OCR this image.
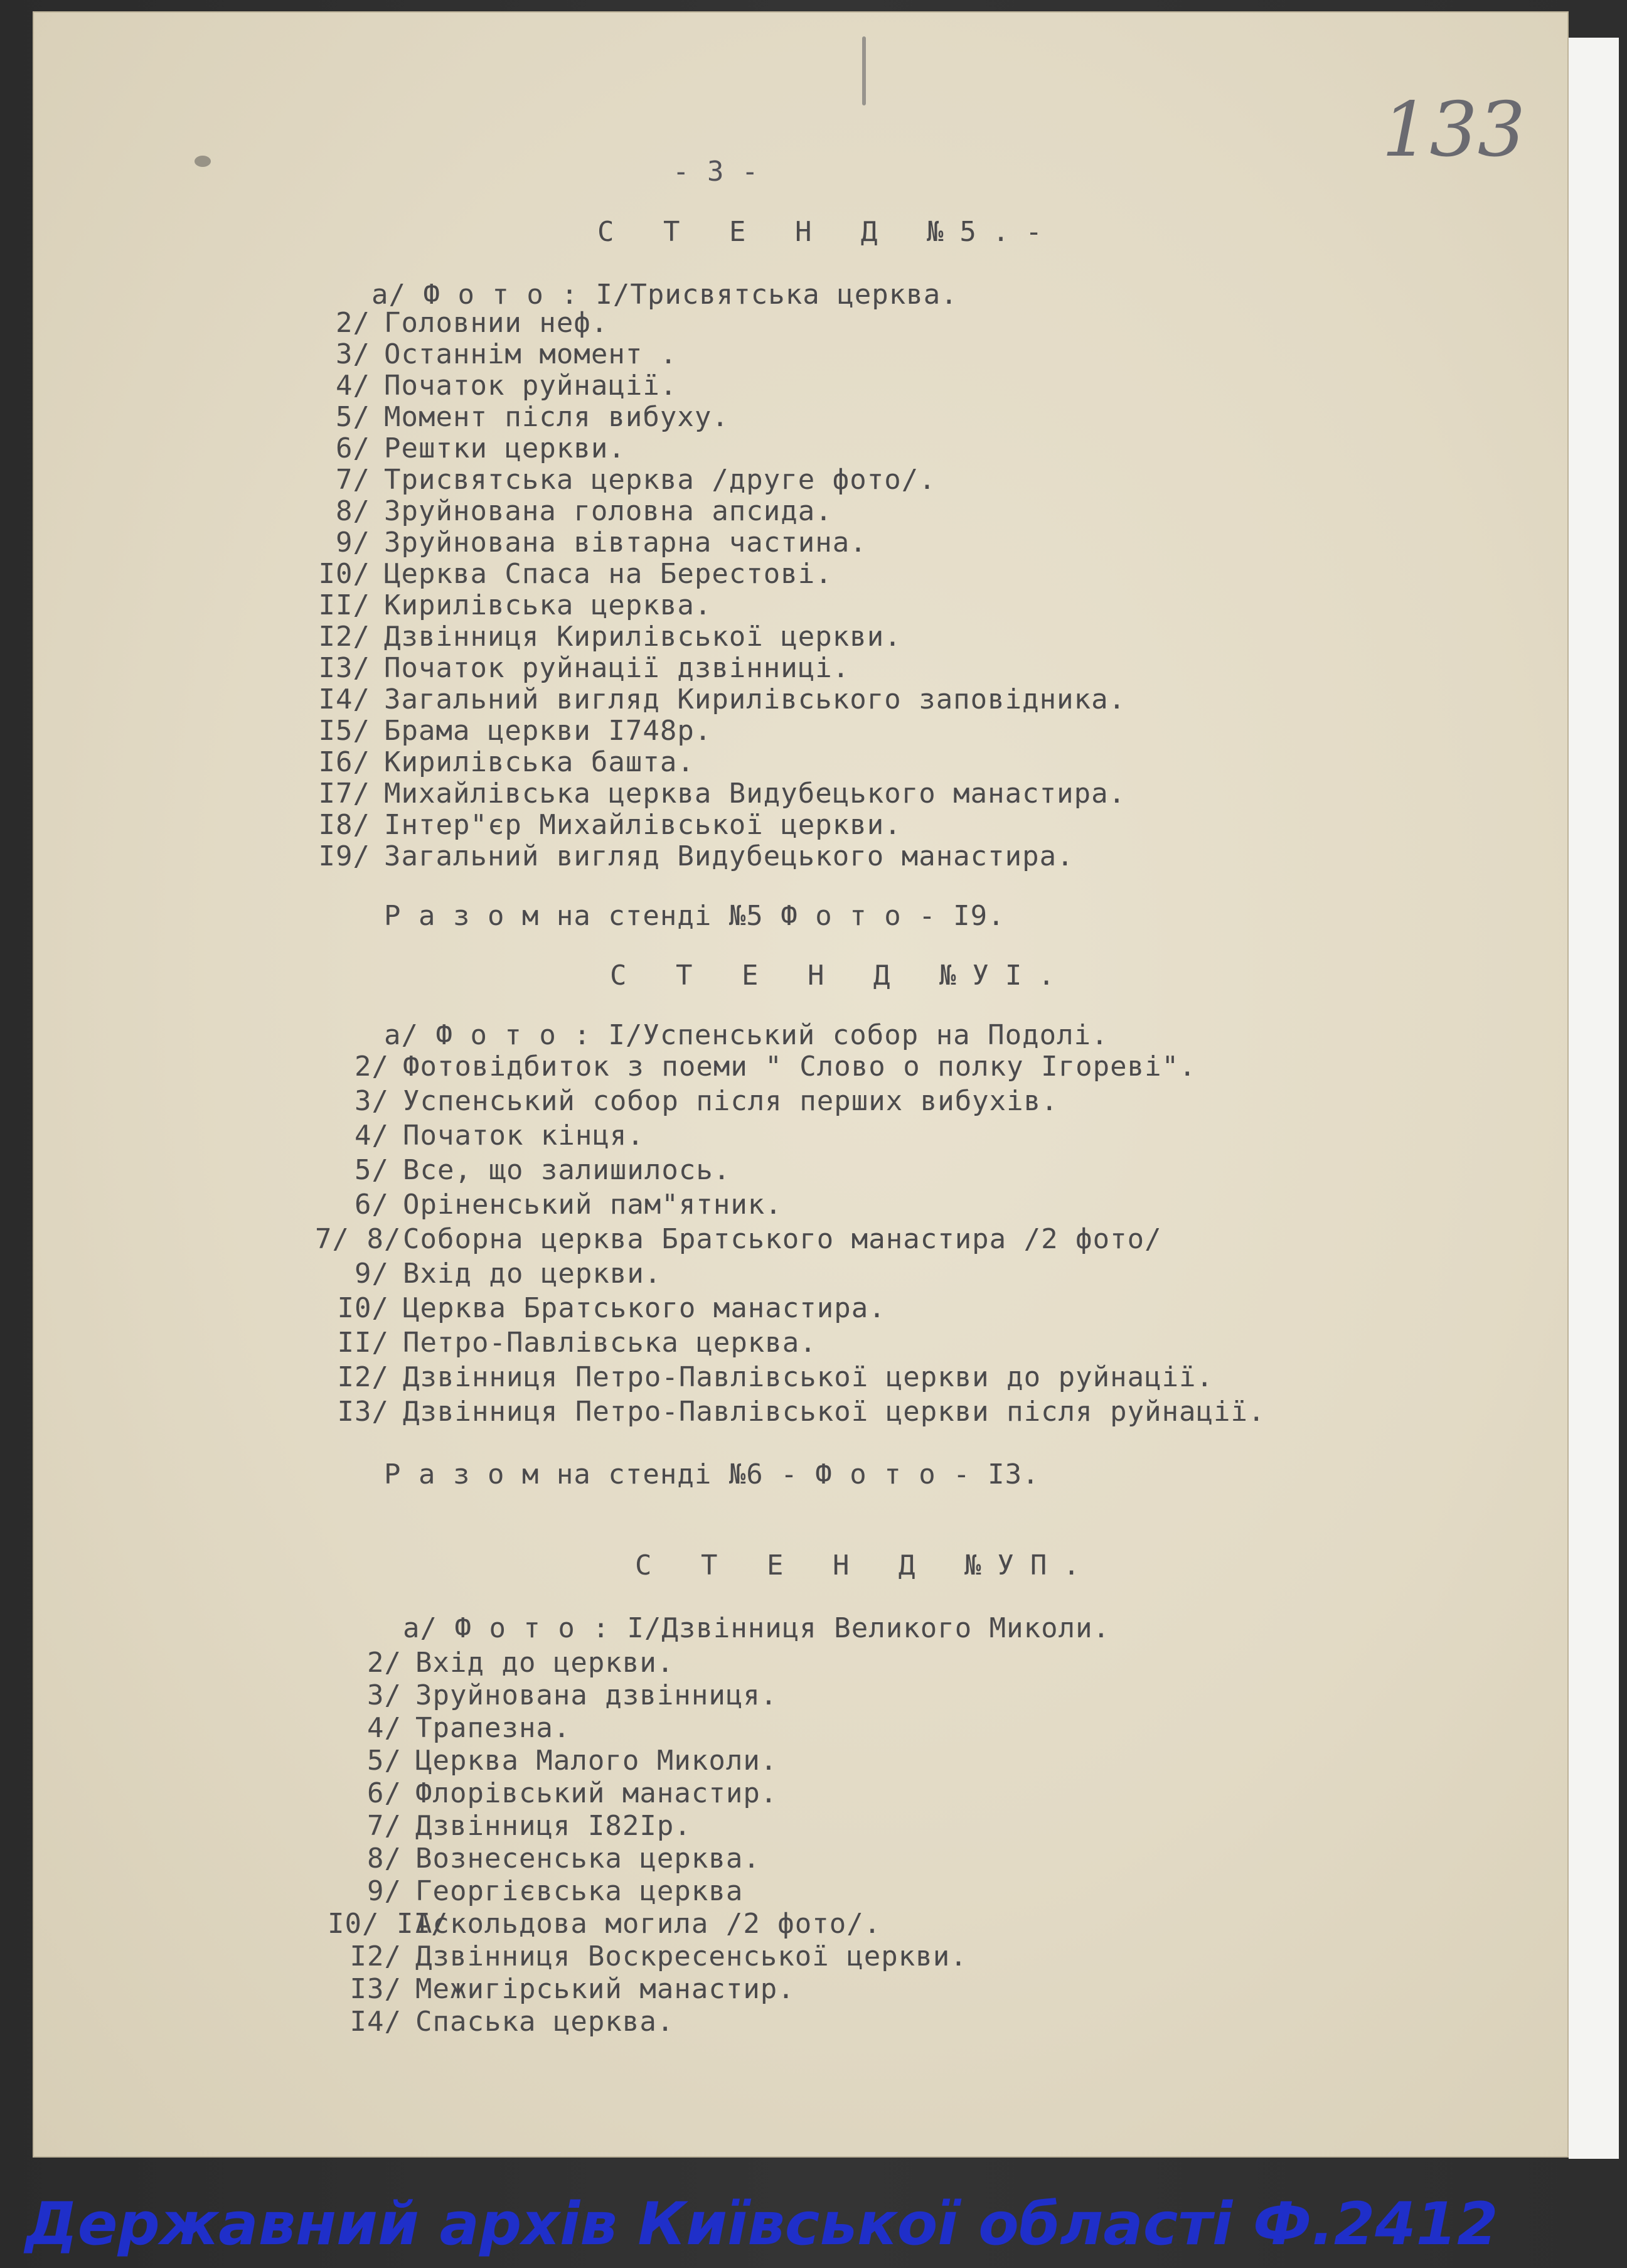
133
- 3 -
С Т Е Н Д №5.-
а/ Ф о т о : I/Трисвятська церква.
2/ Головнии неф.
3/ Останнім момент .
4/ Початок руйнації.
5/ Момент після вибуху.
6/ Рештки церкви.
7/ Трисвятська церква /друге фото/.
8/ Зруйнована головна апсида.
9/ Зруйнована вівтарна частина.
I0/ Церква Спаса на Берестові.
II/ Кирилівська церква.
I2/ Дзвінниця Кирилівської церкви.
I3/ Початок руйнації дзвінниці.
I4/ Загальний вигляд Кирилівського заповідника.
I5/ Брама церкви I748р.
I6/ Кирилівська башта.
I7/ Михайлівська церква Видубецького манастира.
I8/ Інтер"єр Михайлівської церкви.
I9/ Загальний вигляд Видубецького манастира.
Р а з о м на стенді №5 Ф о т о - I9.
С Т Е Н Д №УI.
а/ Ф о т о : I/Успенський собор на Подолі.
2/ Фотовідбиток з поеми " Слово о полку Ігореві".
3/ Успенський собор після перших вибухів.
4/ Початок кінця.
5/ Все, що залишилось.
6/ Оріненський пам"ятник.
7/ 8/Соборна церква Братського манастира /2 фото/
9/ Вхід до церкви.
I0/ Церква Братського манастира.
II/ Петро-Павлівська церква.
I2/ Дзвінниця Петро-Павлівської церкви до руйнації.
I3/ Дзвінниця Петро-Павлівської церкви після руйнації.
Р а з о м на стенді №6 - Ф о т о - I3.
С Т Е Н Д №УП.
а/ Ф о т о : I/Дзвінниця Великого Миколи.
2/ Вхід до церкви.
3/ Зруйнована дзвінниця.
4/ Трапезна.
5/ Церква Малого Миколи.
6/ Флорівський манастир.
7/ Дзвінниця I82Iр.
8/ Вознесенська церква.
9/ Георгієвська церква
I0/ II/Аскольдова могила /2 фото/.
I2/ Дзвінниця Воскресенської церкви.
I3/ Межигірський манастир.
I4/ Спаська церква.
Державний архів Київської області Ф.2412
